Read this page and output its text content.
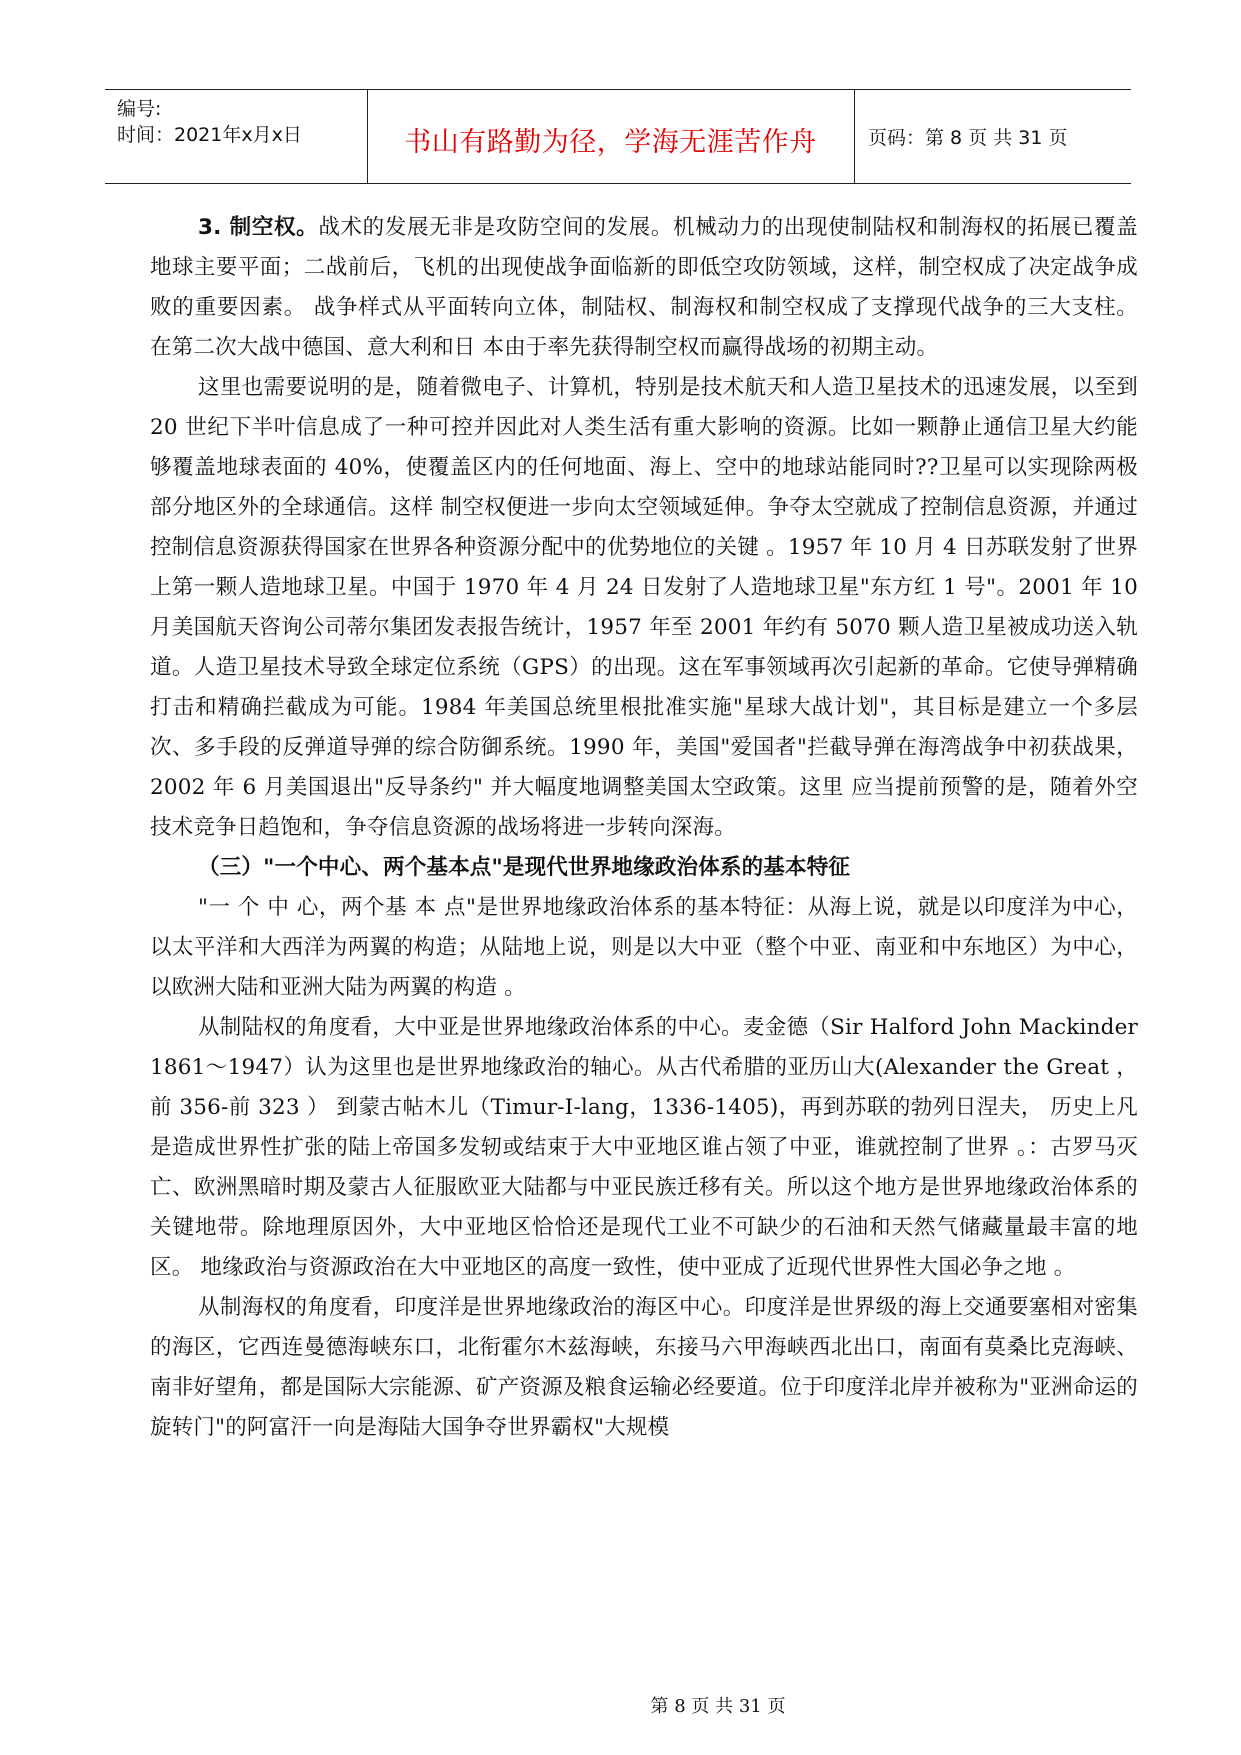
编号:
时间：2021年x月x日	书山有路勤为径，学海无涯苦作舟	页码：第 8 页 共 31 页

3. 制空权。战术的发展无非是攻防空间的发展。机械动力的出现使制陆权和制海权的拓展已覆盖地球主要平面；二战前后，飞机的出现使战争面临新的即低空攻防领域，这样，制空权成了决定战争成败的重要因素。 战争样式从平面转向立体，制陆权、制海权和制空权成了支撑现代战争的三大支柱。 在第二次大战中德国、意大利和日 本由于率先获得制空权而赢得战场的初期主动。

这里也需要说明的是，随着微电子、计算机，特别是技术航天和人造卫星技术的迅速发展，以至到 20 世纪下半叶信息成了一种可控并因此对人类生活有重大影响的资源。比如一颗静止通信卫星大约能够覆盖地球表面的 40%，使覆盖区内的任何地面、海上、空中的地球站能同时??卫星可以实现除两极部分地区外的全球通信。这样 制空权便进一步向太空领域延伸。争夺太空就成了控制信息资源，并通过控制信息资源获得国家在世界各种资源分配中的优势地位的关键 。1957 年 10 月 4 日苏联发射了世界上第一颗人造地球卫星。中国于 1970 年 4 月 24 日发射了人造地球卫星"东方红 1 号"。2001 年 10 月美国航天咨询公司蒂尔集团发表报告统计，1957 年至 2001 年约有 5070 颗人造卫星被成功送入轨道。人造卫星技术导致全球定位系统（GPS）的出现。这在军事领域再次引起新的革命。它使导弹精确打击和精确拦截成为可能。1984 年美国总统里根批准实施"星球大战计划"，其目标是建立一个多层次、多手段的反弹道导弹的综合防御系统。1990 年，美国"爱国者"拦截导弹在海湾战争中初获战果，2002 年 6 月美国退出"反导条约" 并大幅度地调整美国太空政策。这里 应当提前预警的是，随着外空技术竞争日趋饱和，争夺信息资源的战场将进一步转向深海。

（三）"一个中心、两个基本点"是现代世界地缘政治体系的基本特征

"一 个 中 心，两个基 本 点"是世界地缘政治体系的基本特征：从海上说，就是以印度洋为中心，以太平洋和大西洋为两翼的构造；从陆地上说，则是以大中亚（整个中亚、南亚和中东地区）为中心，以欧洲大陆和亚洲大陆为两翼的构造 。

从制陆权的角度看，大中亚是世界地缘政治体系的中心。麦金德（Sir Halford John Mackinder 1861～1947）认为这里也是世界地缘政治的轴心。从古代希腊的亚历山大(Alexander the Great ，前 356-前 323 ） 到蒙古帖木儿（Timur-I-lang，1336-1405)，再到苏联的勃列日涅夫， 历史上凡是造成世界性扩张的陆上帝国多发轫或结束于大中亚地区谁占领了中亚，谁就控制了世界 。：古罗马灭亡、欧洲黑暗时期及蒙古人征服欧亚大陆都与中亚民族迁移有关。所以这个地方是世界地缘政治体系的关键地带。除地理原因外，大中亚地区恰恰还是现代工业不可缺少的石油和天然气储藏量最丰富的地区。 地缘政治与资源政治在大中亚地区的高度一致性，使中亚成了近现代世界性大国必争之地 。

从制海权的角度看，印度洋是世界地缘政治的海区中心。印度洋是世界级的海上交通要塞相对密集的海区，它西连曼德海峡东口，北衔霍尔木兹海峡，东接马六甲海峡西北出口，南面有莫桑比克海峡、南非好望角，都是国际大宗能源、矿产资源及粮食运输必经要道。位于印度洋北岸并被称为"亚洲命运的旋转门"的阿富汗一向是海陆大国争夺世界霸权"大规模

第 8 页 共 31 页
